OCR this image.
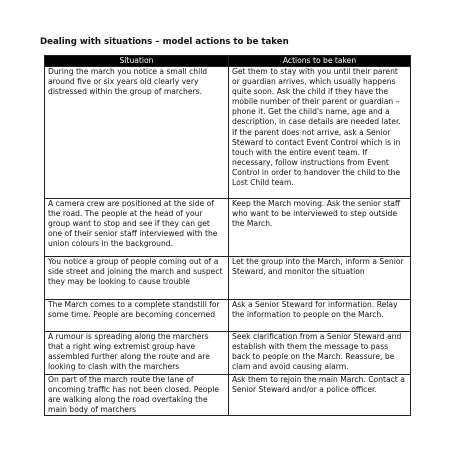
Dealing with situations – model actions to be taken
Situation	Actions to be taken

During the march you notice a small child around five or six years old clearly very distressed within the group of marchers.	Get them to stay with you until their parent or guardian arrives, which usually happens quite soon. Ask the child if they have the mobile number of their parent or guardian – phone it. Get the child's name, age and a description, in case details are needed later. If the parent does not arrive, ask a Senior Steward to contact Event Control which is in touch with the entire event team. If necessary, follow instructions from Event Control in order to handover the child to the Lost Child team.

A camera crew are positioned at the side of the road. The people at the head of your group want to stop and see if they can get one of their senior staff interviewed with the union colours in the background.	Keep the March moving. Ask the senior staff who want to be interviewed to step outside the March.

You notice a group of people coming out of a side street and joining the march and suspect they may be looking to cause trouble	Let the group into the March, inform a Senior Steward, and monitor the situation

The March comes to a complete standstill for some time. People are becoming concerned	Ask a Senior Steward for information. Relay the information to people on the March.

A rumour is spreading along the marchers that a right wing extremist group have assembled further along the route and are looking to clash with the marchers	Seek clarification from a Senior Steward and establish with them the message to pass back to people on the March. Reassure, be clam and avoid causing alarm.

On part of the march route the lane of oncoming traffic has not been closed. People are walking along the road overtaking the main body of marchers	Ask them to rejoin the main March. Contact a Senior Steward and/or a police officer.
